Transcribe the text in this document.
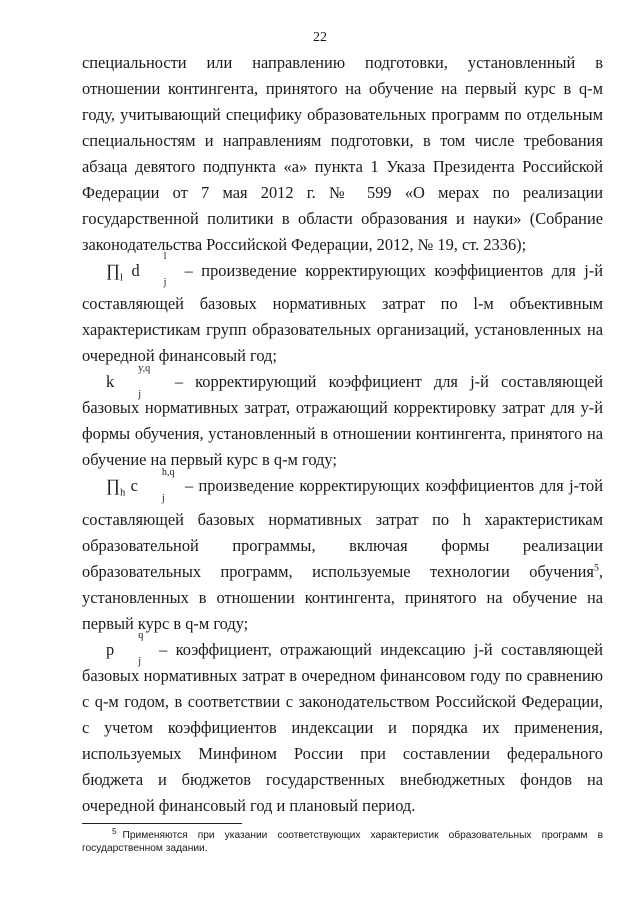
22

специальности или направлению подготовки, установленный в отношении контингента, принятого на обучение на первый курс в q-м году, учитывающий специфику образовательных программ по отдельным специальностям и направлениям подготовки, в том числе требования абзаца девятого подпункта «а» пункта 1 Указа Президента Российской Федерации от 7 мая 2012 г. № 599 «О мерах по реализации государственной политики в области образования и науки» (Собрание законодательства Российской Федерации, 2012, № 19, ст. 2336);

$\prod_l$ d
l
j
– произведение корректирующих коэффициентов для j-й составляющей базовых нормативных затрат по l-м объективным характеристикам групп образовательных организаций, установленных на очередной финансовый год;

k
y,q
j
– корректирующий коэффициент для j-й составляющей базовых нормативных затрат, отражающий корректировку затрат для y-й формы обучения, установленный в отношении контингента, принятого на обучение на первый курс в q-м году;

$\prod_h$ c
h,q
j
– произведение корректирующих коэффициентов для j-той составляющей базовых нормативных затрат по h характеристикам образовательной программы, включая формы реализации образовательных программ, используемые технологии обучения$^5$, установленных в отношении контингента, принятого на обучение на первый курс в q-м году;

p
q
j
– коэффициент, отражающий индексацию j-й составляющей базовых нормативных затрат в очередном финансовом году по сравнению с q-м годом, в соответствии с законодательством Российской Федерации, с учетом коэффициентов индексации и порядка их применения, используемых Минфином России при составлении федерального бюджета и бюджетов государственных внебюджетных фондов на очередной финансовый год и плановый период.

$^5$ Применяются при указании соответствующих характеристик образовательных программ в государственном задании.
